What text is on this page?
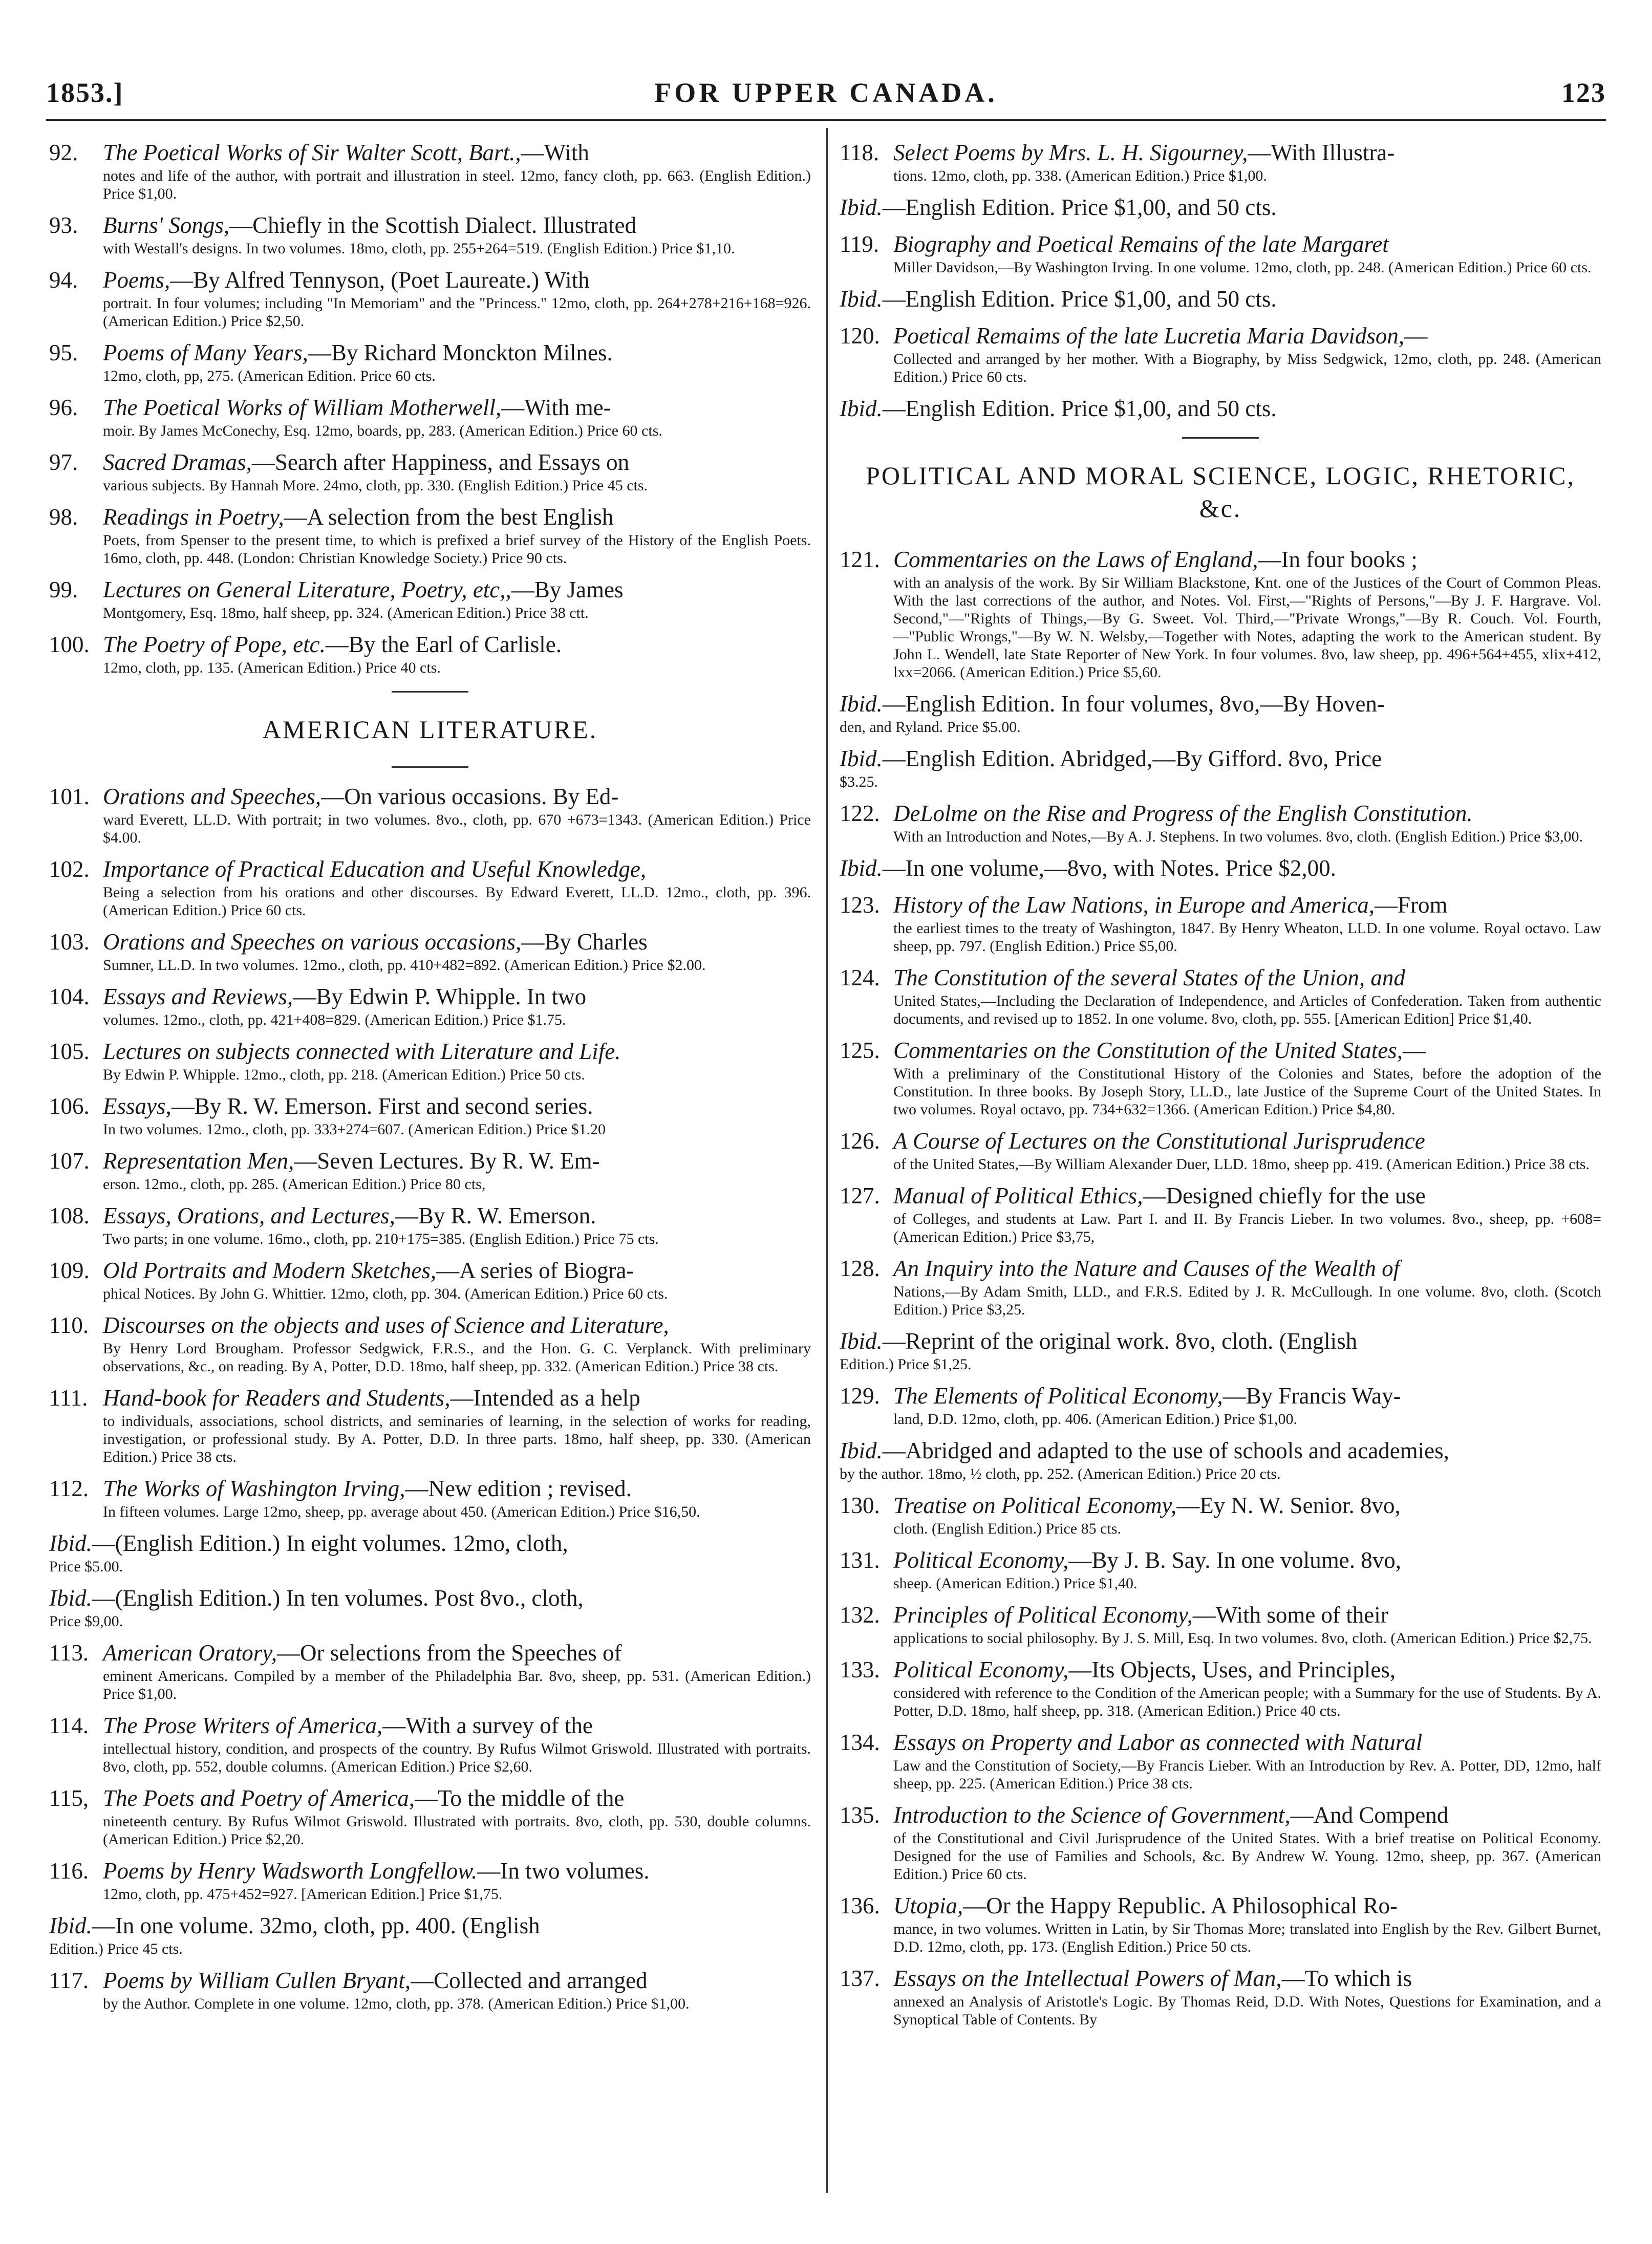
1853.]	FOR UPPER CANADA.	123
92. The Poetical Works of Sir Walter Scott, Bart.,—With
notes and life of the author, with portrait and illustration in steel. 12mo, fancy cloth, pp. 663. (English Edition.) Price $1,00.
93. Burns' Songs,—Chiefly in the Scottish Dialect. Illustrated
with Westall's designs. In two volumes. 18mo, cloth, pp. 255+264=519. (English Edition.) Price $1,10.
94. Poems,—By Alfred Tennyson, (Poet Laureate.) With
portrait. In four volumes; including "In Memoriam" and the "Princess." 12mo, cloth, pp. 264+278+216+168=926. (American Edition.) Price $2,50.
95. Poems of Many Years,—By Richard Monckton Milnes.
12mo, cloth, pp, 275. (American Edition. Price 60 cts.
96. The Poetical Works of William Motherwell,—With me-
moir. By James McConechy, Esq. 12mo, boards, pp, 283. (American Edition.) Price 60 cts.
97. Sacred Dramas,—Search after Happiness, and Essays on
various subjects. By Hannah More. 24mo, cloth, pp. 330. (English Edition.) Price 45 cts.
98. Readings in Poetry,—A selection from the best English
Poets, from Spenser to the present time, to which is prefixed a brief survey of the History of the English Poets. 16mo, cloth, pp. 448. (London: Christian Knowledge Society.) Price 90 cts.
99. Lectures on General Literature, Poetry, etc,,—By James
Montgomery, Esq. 18mo, half sheep, pp. 324. (American Edition.) Price 38 ctt.
100. The Poetry of Pope, etc.—By the Earl of Carlisle.
12mo, cloth, pp. 135. (American Edition.) Price 40 cts.
AMERICAN LITERATURE.
101. Orations and Speeches,—On various occasions. By Ed-
ward Everett, LL.D. With portrait; in two volumes. 8vo., cloth, pp. 670 +673=1343. (American Edition.) Price $4.00.
102. Importance of Practical Education and Useful Knowledge,
Being a selection from his orations and other discourses. By Edward Everett, LL.D. 12mo., cloth, pp. 396. (American Edition.) Price 60 cts.
103. Orations and Speeches on various occasions,—By Charles
Sumner, LL.D. In two volumes. 12mo., cloth, pp. 410+482=892. (American Edition.) Price $2.00.
104. Essays and Reviews,—By Edwin P. Whipple. In two
volumes. 12mo., cloth, pp. 421+408=829. (American Edition.) Price $1.75.
105. Lectures on subjects connected with Literature and Life.
By Edwin P. Whipple. 12mo., cloth, pp. 218. (American Edition.) Price 50 cts.
106. Essays,—By R. W. Emerson. First and second series.
In two volumes. 12mo., cloth, pp. 333+274=607. (American Edition.) Price $1.20
107. Representation Men,—Seven Lectures. By R. W. Em-
erson. 12mo., cloth, pp. 285. (American Edition.) Price 80 cts,
108. Essays, Orations, and Lectures,—By R. W. Emerson.
Two parts; in one volume. 16mo., cloth, pp. 210+175=385. (English Edition.) Price 75 cts.
109. Old Portraits and Modern Sketches,—A series of Biogra-
phical Notices. By John G. Whittier. 12mo, cloth, pp. 304. (American Edition.) Price 60 cts.
110. Discourses on the objects and uses of Science and Literature,
By Henry Lord Brougham. Professor Sedgwick, F.R.S., and the Hon. G. C. Verplanck. With preliminary observations, &c., on reading. By A, Potter, D.D. 18mo, half sheep, pp. 332. (American Edition.) Price 38 cts.
111. Hand-book for Readers and Students,—Intended as a help
to individuals, associations, school districts, and seminaries of learning, in the selection of works for reading, investigation, or professional study. By A. Potter, D.D. In three parts. 18mo, half sheep, pp. 330. (American Edition.) Price 38 cts.
112. The Works of Washington Irving,—New edition ; revised.
In fifteen volumes. Large 12mo, sheep, pp. average about 450. (American Edition.) Price $16,50.
Ibid.—(English Edition.) In eight volumes. 12mo, cloth,
Price $5.00.
Ibid.—(English Edition.) In ten volumes. Post 8vo., cloth,
Price $9,00.
113. American Oratory,—Or selections from the Speeches of
eminent Americans. Compiled by a member of the Philadelphia Bar. 8vo, sheep, pp. 531. (American Edition.) Price $1,00.
114. The Prose Writers of America,—With a survey of the
intellectual history, condition, and prospects of the country. By Rufus Wilmot Griswold. Illustrated with portraits. 8vo, cloth, pp. 552, double columns. (American Edition.) Price $2,60.
115, The Poets and Poetry of America,—To the middle of the
nineteenth century. By Rufus Wilmot Griswold. Illustrated with portraits. 8vo, cloth, pp. 530, double columns. (American Edition.) Price $2,20.
116. Poems by Henry Wadsworth Longfellow.—In two volumes.
12mo, cloth, pp. 475+452=927. [American Edition.] Price $1,75.
Ibid.—In one volume. 32mo, cloth, pp. 400. (English
Edition.) Price 45 cts.
117. Poems by William Cullen Bryant,—Collected and arranged
by the Author. Complete in one volume. 12mo, cloth, pp. 378. (American Edition.) Price $1,00.
118. Select Poems by Mrs. L. H. Sigourney,—With Illustra-
tions. 12mo, cloth, pp. 338. (American Edition.) Price $1,00.
Ibid.—English Edition. Price $1,00, and 50 cts.
119. Biography and Poetical Remains of the late Margaret
Miller Davidson,—By Washington Irving. In one volume. 12mo, cloth, pp. 248. (American Edition.) Price 60 cts.
Ibid.—English Edition. Price $1,00, and 50 cts.
120. Poetical Remaims of the late Lucretia Maria Davidson,—
Collected and arranged by her mother. With a Biography, by Miss Sedgwick, 12mo, cloth, pp. 248. (American Edition.) Price 60 cts.
Ibid.—English Edition. Price $1,00, and 50 cts.
POLITICAL AND MORAL SCIENCE, LOGIC, RHETORIC, &c.
121. Commentaries on the Laws of England,—In four books ;
with an analysis of the work. By Sir William Blackstone, Knt. one of the Justices of the Court of Common Pleas. With the last corrections of the author, and Notes. Vol. First,—"Rights of Persons,"—By J. F. Hargrave. Vol. Second,"—"Rights of Things,—By G. Sweet. Vol. Third,—"Private Wrongs,"—By R. Couch. Vol. Fourth,—"Public Wrongs,"—By W. N. Welsby,—Together with Notes, adapting the work to the American student. By John L. Wendell, late State Reporter of New York. In four volumes. 8vo, law sheep, pp. 496+564+455, xlix+412, lxx=2066. (American Edition.) Price $5,60.
Ibid.—English Edition. In four volumes, 8vo,—By Hoven-
den, and Ryland. Price $5.00.
Ibid.—English Edition. Abridged,—By Gifford. 8vo, Price
$3.25.
122. DeLolme on the Rise and Progress of the English Constitution.
With an Introduction and Notes,—By A. J. Stephens. In two volumes. 8vo, cloth. (English Edition.) Price $3,00.
Ibid.—In one volume,—8vo, with Notes. Price $2,00.
123. History of the Law Nations, in Europe and America,—From
the earliest times to the treaty of Washington, 1847. By Henry Wheaton, LLD. In one volume. Royal octavo. Law sheep, pp. 797. (English Edition.) Price $5,00.
124. The Constitution of the several States of the Union, and
United States,—Including the Declaration of Independence, and Articles of Confederation. Taken from authentic documents, and revised up to 1852. In one volume. 8vo, cloth, pp. 555. [American Edition] Price $1,40.
125. Commentaries on the Constitution of the United States,—
With a preliminary of the Constitutional History of the Colonies and States, before the adoption of the Constitution. In three books. By Joseph Story, LL.D., late Justice of the Supreme Court of the United States. In two volumes. Royal octavo, pp. 734+632=1366. (American Edition.) Price $4,80.
126. A Course of Lectures on the Constitutional Jurisprudence
of the United States,—By William Alexander Duer, LLD. 18mo, sheep pp. 419. (American Edition.) Price 38 cts.
127. Manual of Political Ethics,—Designed chiefly for the use
of Colleges, and students at Law. Part I. and II. By Francis Lieber. In two volumes. 8vo., sheep, pp. +608= (American Edition.) Price $3,75,
128. An Inquiry into the Nature and Causes of the Wealth of
Nations,—By Adam Smith, LLD., and F.R.S. Edited by J. R. McCullough. In one volume. 8vo, cloth. (Scotch Edition.) Price $3,25.
Ibid.—Reprint of the original work. 8vo, cloth. (English
Edition.) Price $1,25.
129. The Elements of Political Economy,—By Francis Way-
land, D.D. 12mo, cloth, pp. 406. (American Edition.) Price $1,00.
Ibid.—Abridged and adapted to the use of schools and academies,
by the author. 18mo, ½ cloth, pp. 252. (American Edition.) Price 20 cts.
130. Treatise on Political Economy,—Ey N. W. Senior. 8vo,
cloth. (English Edition.) Price 85 cts.
131. Political Economy,—By J. B. Say. In one volume. 8vo,
sheep. (American Edition.) Price $1,40.
132. Principles of Political Economy,—With some of their
applications to social philosophy. By J. S. Mill, Esq. In two volumes. 8vo, cloth. (American Edition.) Price $2,75.
133. Political Economy,—Its Objects, Uses, and Principles,
considered with reference to the Condition of the American people; with a Summary for the use of Students. By A. Potter, D.D. 18mo, half sheep, pp. 318. (American Edition.) Price 40 cts.
134. Essays on Property and Labor as connected with Natural
Law and the Constitution of Society,—By Francis Lieber. With an Introduction by Rev. A. Potter, DD, 12mo, half sheep, pp. 225. (American Edition.) Price 38 cts.
135. Introduction to the Science of Government,—And Compend
of the Constitutional and Civil Jurisprudence of the United States. With a brief treatise on Political Economy. Designed for the use of Families and Schools, &c. By Andrew W. Young. 12mo, sheep, pp. 367. (American Edition.) Price 60 cts.
136. Utopia,—Or the Happy Republic. A Philosophical Ro-
mance, in two volumes. Written in Latin, by Sir Thomas More; translated into English by the Rev. Gilbert Burnet, D.D. 12mo, cloth, pp. 173. (English Edition.) Price 50 cts.
137. Essays on the Intellectual Powers of Man,—To which is
annexed an Analysis of Aristotle's Logic. By Thomas Reid, D.D. With Notes, Questions for Examination, and a Synoptical Table of Contents. By
